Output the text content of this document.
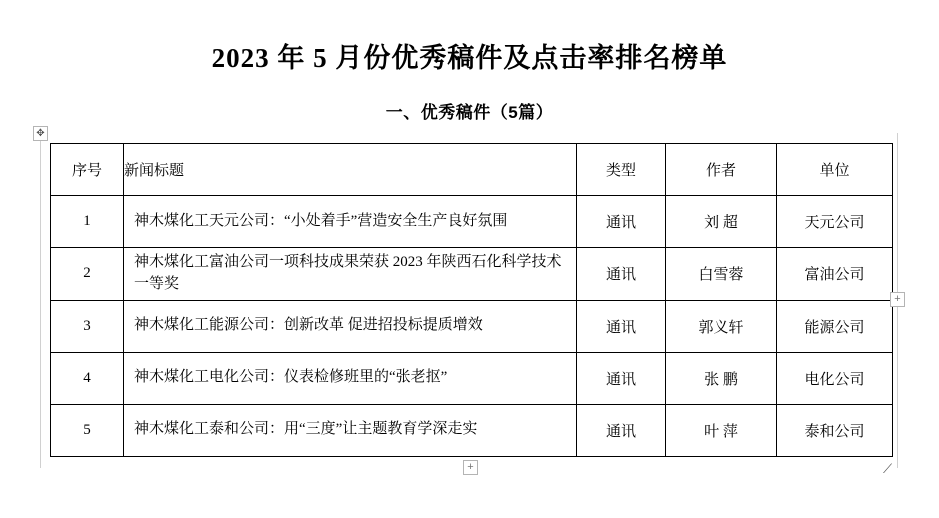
2023 年 5 月份优秀稿件及点击率排名榜单
一、优秀稿件（5篇）
序号	新闻标题	类型	作者	单位
1	神木煤化工天元公司：“小处着手”营造安全生产良好氛围	通讯	刘 超	天元公司
2	神木煤化工富油公司一项科技成果荣获 2023 年陕西石化科学技术一等奖	通讯	白雪蓉	富油公司
3	神木煤化工能源公司：创新改革 促进招投标提质增效	通讯	郭义轩	能源公司
4	神木煤化工电化公司：仪表检修班里的“张老抠”	通讯	张 鹏	电化公司
5	神木煤化工泰和公司：用“三度”让主题教育学深走实	通讯	叶 萍	泰和公司
✥
+
+	⟋
